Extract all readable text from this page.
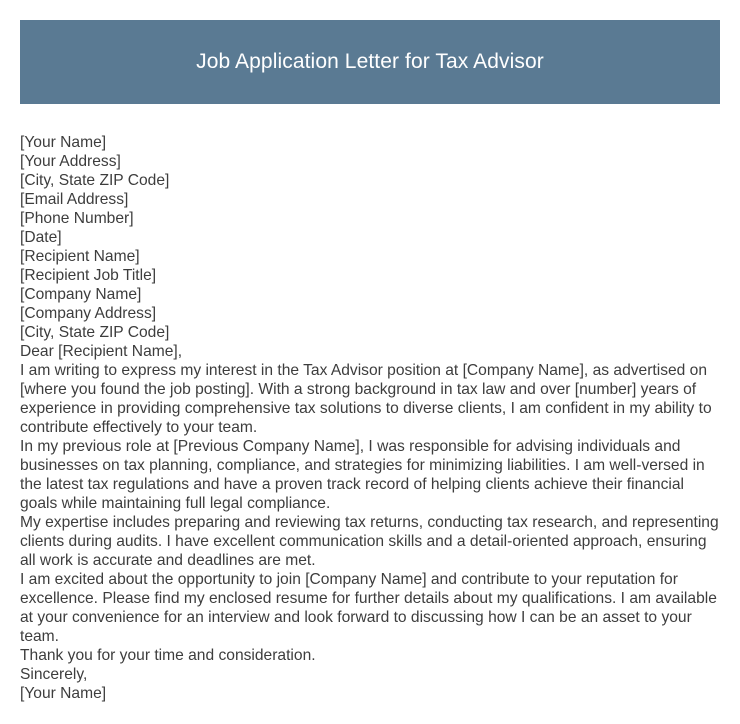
Job Application Letter for Tax Advisor
[Your Name]
[Your Address]
[City, State ZIP Code]
[Email Address]
[Phone Number]
[Date]
[Recipient Name]
[Recipient Job Title]
[Company Name]
[Company Address]
[City, State ZIP Code]
Dear [Recipient Name],
I am writing to express my interest in the Tax Advisor position at [Company Name], as advertised on [where you found the job posting]. With a strong background in tax law and over [number] years of experience in providing comprehensive tax solutions to diverse clients, I am confident in my ability to contribute effectively to your team.
In my previous role at [Previous Company Name], I was responsible for advising individuals and businesses on tax planning, compliance, and strategies for minimizing liabilities. I am well-versed in the latest tax regulations and have a proven track record of helping clients achieve their financial goals while maintaining full legal compliance.
My expertise includes preparing and reviewing tax returns, conducting tax research, and representing clients during audits. I have excellent communication skills and a detail-oriented approach, ensuring all work is accurate and deadlines are met.
I am excited about the opportunity to join [Company Name] and contribute to your reputation for excellence. Please find my enclosed resume for further details about my qualifications. I am available at your convenience for an interview and look forward to discussing how I can be an asset to your team.
Thank you for your time and consideration.
Sincerely,
[Your Name]
